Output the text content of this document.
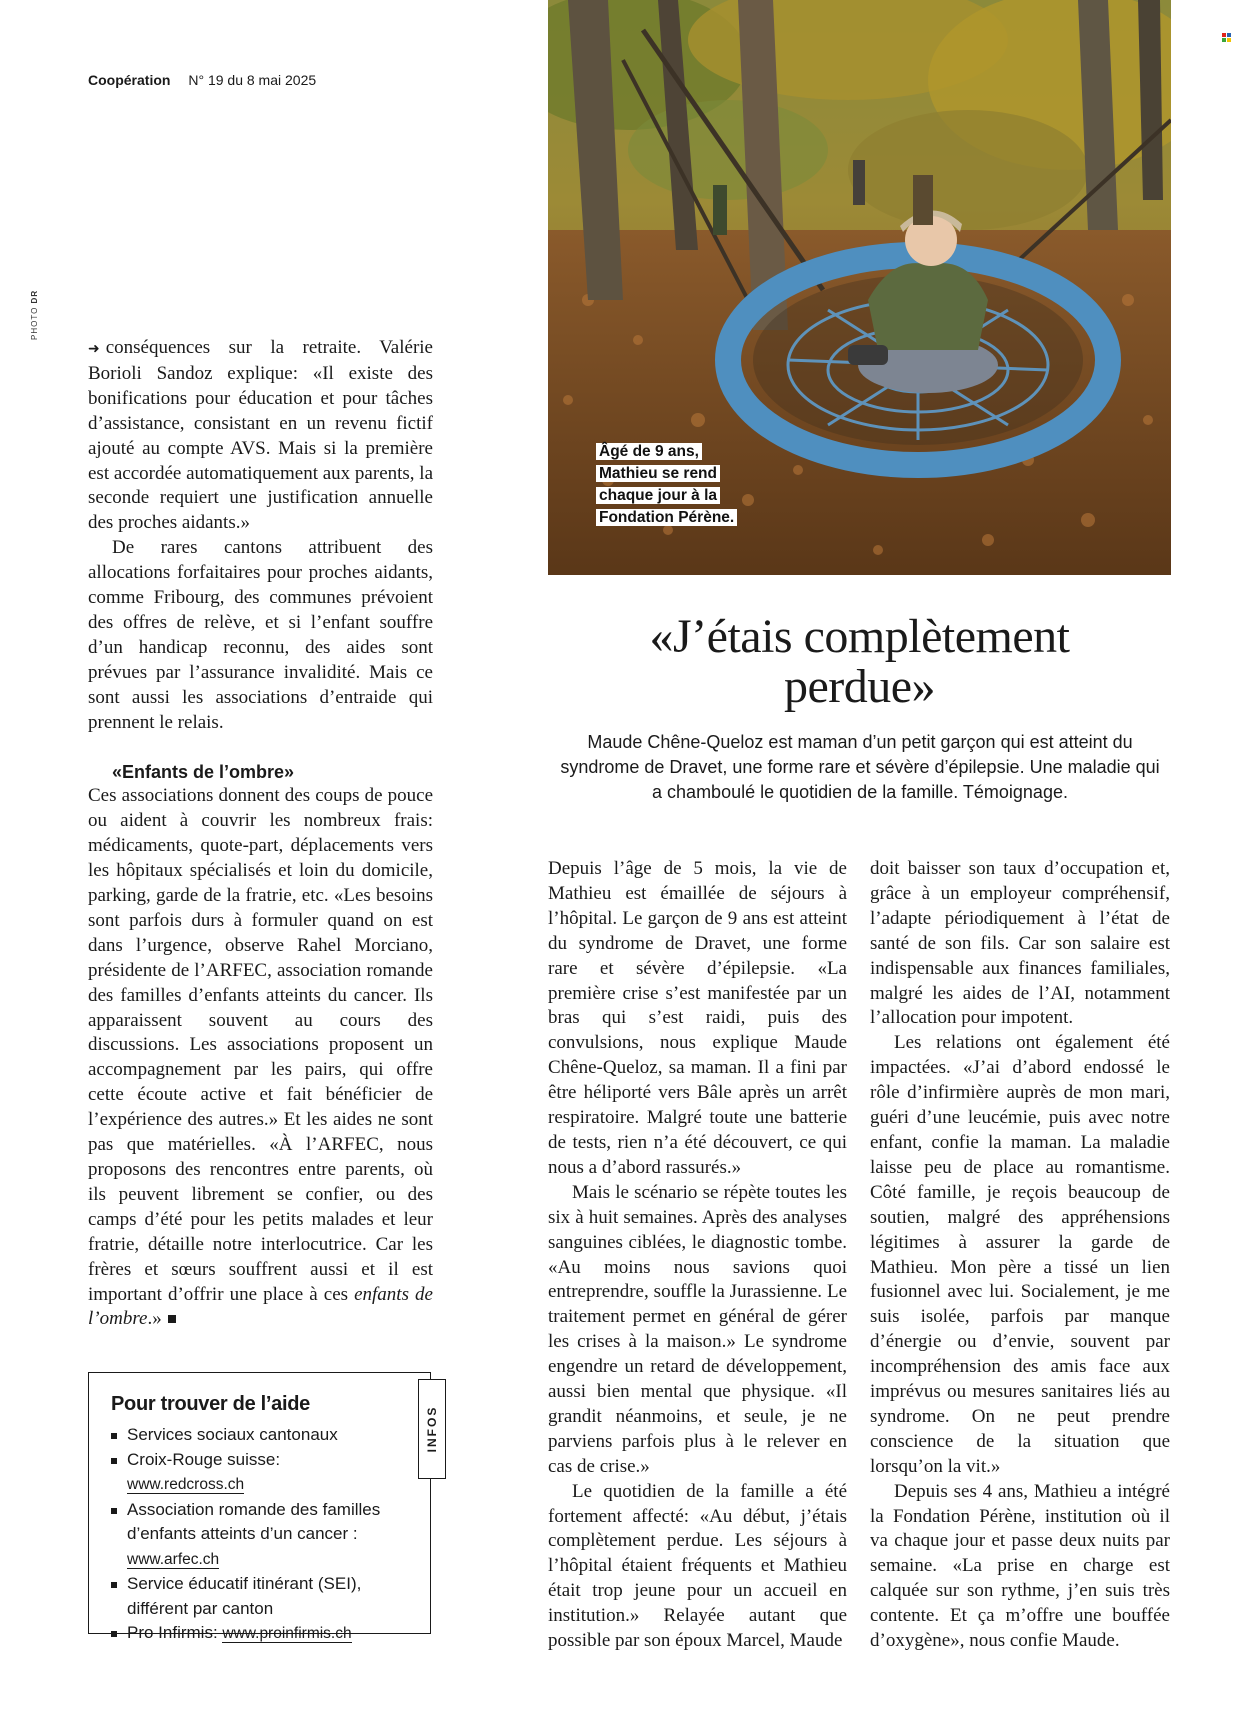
Coopération N° 19 du 8 mai 2025
PHOTO DR

➜ conséquences sur la retraite. Valérie Borioli Sandoz explique: «Il existe des bonifications pour éducation et pour tâches d’assistance, consistant en un revenu fictif ajouté au compte AVS. Mais si la première est accordée automatiquement aux parents, la seconde requiert une justification annuelle des proches aidants.»

De rares cantons attribuent des allocations forfaitaires pour proches aidants, comme Fribourg, des communes prévoient des offres de relève, et si l’enfant souffre d’un handicap reconnu, des aides sont prévues par l’assurance invalidité. Mais ce sont aussi les associations d’entraide qui prennent le relais.

«Enfants de l’ombre»

Ces associations donnent des coups de pouce ou aident à couvrir les nombreux frais: médicaments, quote-part, déplacements vers les hôpitaux spécialisés et loin du domicile, parking, garde de la fratrie, etc. «Les besoins sont parfois durs à formuler quand on est dans l’urgence, observe Rahel Morciano, présidente de l’ARFEC, association romande des familles d’enfants atteints du cancer. Ils apparaissent souvent au cours des discussions. Les associations proposent un accompagnement par les pairs, qui offre cette écoute active et fait bénéficier de l’expérience des autres.» Et les aides ne sont pas que matérielles. «À l’ARFEC, nous proposons des rencontres entre parents, où ils peuvent librement se confier, ou des camps d’été pour les petits malades et leur fratrie, détaille notre interlocutrice. Car les frères et sœurs souffrent aussi et il est important d’offrir une place à ces enfants de l’ombre.»

INFOS
Pour trouver de l’aide
Services sociaux cantonaux
Croix-Rouge suisse: www.redcross.ch
Association romande des familles d’enfants atteints d’un cancer : www.arfec.ch
Service éducatif itinérant (SEI), différent par canton
Pro Infirmis: www.proinfirmis.ch
Âgé de 9 ans,
Mathieu se rend
chaque jour à la
Fondation Pérène.
«J’étais complètement
perdue»

Maude Chêne-Queloz est maman d’un petit garçon qui est atteint du syndrome de Dravet, une forme rare et sévère d’épilepsie. Une maladie qui a chamboulé le quotidien de la famille. Témoignage.

Depuis l’âge de 5 mois, la vie de Mathieu est émaillée de séjours à l’hôpital. Le garçon de 9 ans est atteint du syndrome de Dravet, une forme rare et sévère d’épilepsie. «La première crise s’est manifestée par un bras qui s’est raidi, puis des convulsions, nous explique Maude Chêne-Queloz, sa maman. Il a fini par être héliporté vers Bâle après un arrêt respiratoire. Malgré toute une batterie de tests, rien n’a été découvert, ce qui nous a d’abord rassurés.»

Mais le scénario se répète toutes les six à huit semaines. Après des analyses sanguines ciblées, le diagnostic tombe. «Au moins nous savions quoi entreprendre, souffle la Jurassienne. Le traitement permet en général de gérer les crises à la maison.» Le syndrome engendre un retard de développement, aussi bien mental que physique. «Il grandit néanmoins, et seule, je ne parviens parfois plus à le relever en cas de crise.»

Le quotidien de la famille a été fortement affecté: «Au début, j’étais complètement perdue. Les séjours à l’hôpital étaient fréquents et Mathieu était trop jeune pour un accueil en institution.» Relayée autant que possible par son époux Marcel, Maude

doit baisser son taux d’occupation et, grâce à un employeur compréhensif, l’adapte périodiquement à l’état de santé de son fils. Car son salaire est indispensable aux finances familiales, malgré les aides de l’AI, notamment l’allocation pour impotent.

Les relations ont également été impactées. «J’ai d’abord endossé le rôle d’infirmière auprès de mon mari, guéri d’une leucémie, puis avec notre enfant, confie la maman. La maladie laisse peu de place au romantisme. Côté famille, je reçois beaucoup de soutien, malgré des appréhensions légitimes à assurer la garde de Mathieu. Mon père a tissé un lien fusionnel avec lui. Socialement, je me suis isolée, parfois par manque d’énergie ou d’envie, souvent par incompréhension des amis face aux imprévus ou mesures sanitaires liés au syndrome. On ne peut prendre conscience de la situation que lorsqu’on la vit.»

Depuis ses 4 ans, Mathieu a intégré la Fondation Pérène, institution où il va chaque jour et passe deux nuits par semaine. «La prise en charge est calquée sur son rythme, j’en suis très contente. Et ça m’offre une bouffée d’oxygène», nous confie Maude.
